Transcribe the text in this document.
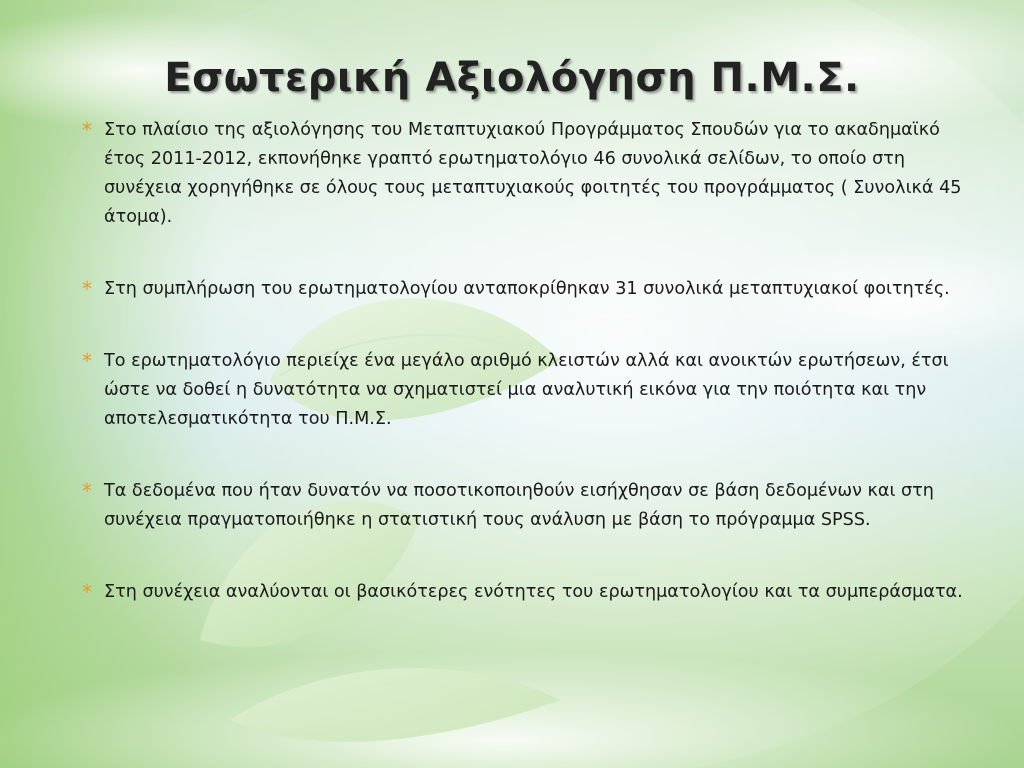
Εσωτερική Αξιολόγηση Π.Μ.Σ.
* Στο πλαίσιο της αξιολόγησης του Μεταπτυχιακού Προγράμματος Σπουδών για το ακαδημαϊκό έτος 2011-2012, εκπονήθηκε γραπτό ερωτηματολόγιο 46 συνολικά σελίδων, το οποίο στη συνέχεια χορηγήθηκε σε όλους τους μεταπτυχιακούς φοιτητές του προγράμματος ( Συνολικά 45 άτομα).
* Στη συμπλήρωση του ερωτηματολογίου ανταποκρίθηκαν 31 συνολικά μεταπτυχιακοί φοιτητές.
* Το ερωτηματολόγιο περιείχε ένα μεγάλο αριθμό κλειστών αλλά και ανοικτών ερωτήσεων, έτσι ώστε να δοθεί η δυνατότητα να σχηματιστεί μια αναλυτική εικόνα για την ποιότητα και την αποτελεσματικότητα του Π.Μ.Σ.
* Τα δεδομένα που ήταν δυνατόν να ποσοτικοποιηθούν εισήχθησαν σε βάση δεδομένων και στη συνέχεια πραγματοποιήθηκε η στατιστική τους ανάλυση με βάση το πρόγραμμα SPSS.
* Στη συνέχεια αναλύονται οι βασικότερες ενότητες του ερωτηματολογίου και τα συμπεράσματα.
